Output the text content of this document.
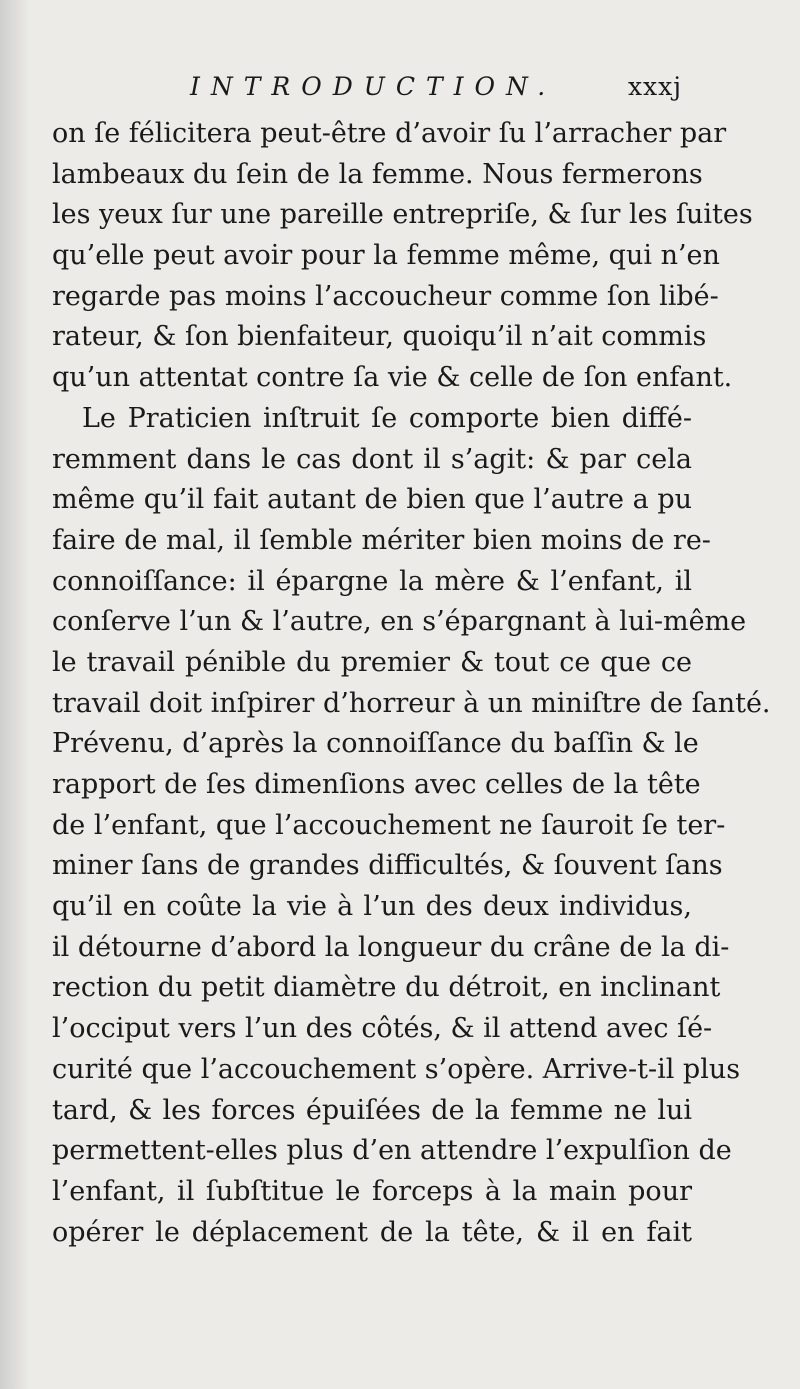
INTRODUCTION.	xxxj
on ſe félicitera peut-être d’avoir ſu l’arracher par
lambeaux du ſein de la femme. Nous fermerons
les yeux ſur une pareille entrepriſe, & ſur les ſuites
qu’elle peut avoir pour la femme même, qui n’en
regarde pas moins l’accoucheur comme ſon libé-
rateur, & ſon bienfaiteur, quoiqu’il n’ait commis
qu’un attentat contre ſa vie & celle de ſon enfant.
Le Praticien inſtruit ſe comporte bien diffé-
remment dans le cas dont il s’agit: & par cela
même qu’il fait autant de bien que l’autre a pu
faire de mal, il ſemble mériter bien moins de re-
connoiſſance: il épargne la mère & l’enfant, il
conſerve l’un & l’autre, en s’épargnant à lui-même
le travail pénible du premier & tout ce que ce
travail doit inſpirer d’horreur à un miniſtre de ſanté.
Prévenu, d’après la connoiſſance du baſſin & le
rapport de ſes dimenſions avec celles de la tête
de l’enfant, que l’accouchement ne ſauroit ſe ter-
miner ſans de grandes difficultés, & ſouvent ſans
qu’il en coûte la vie à l’un des deux individus,
il détourne d’abord la longueur du crâne de la di-
rection du petit diamètre du détroit, en inclinant
l’occiput vers l’un des côtés, & il attend avec ſé-
curité que l’accouchement s’opère. Arrive-t-il plus
tard, & les forces épuiſées de la femme ne lui
permettent-elles plus d’en attendre l’expulſion de
l’enfant, il ſubſtitue le forceps à la main pour
opérer le déplacement de la tête, & il en fait
